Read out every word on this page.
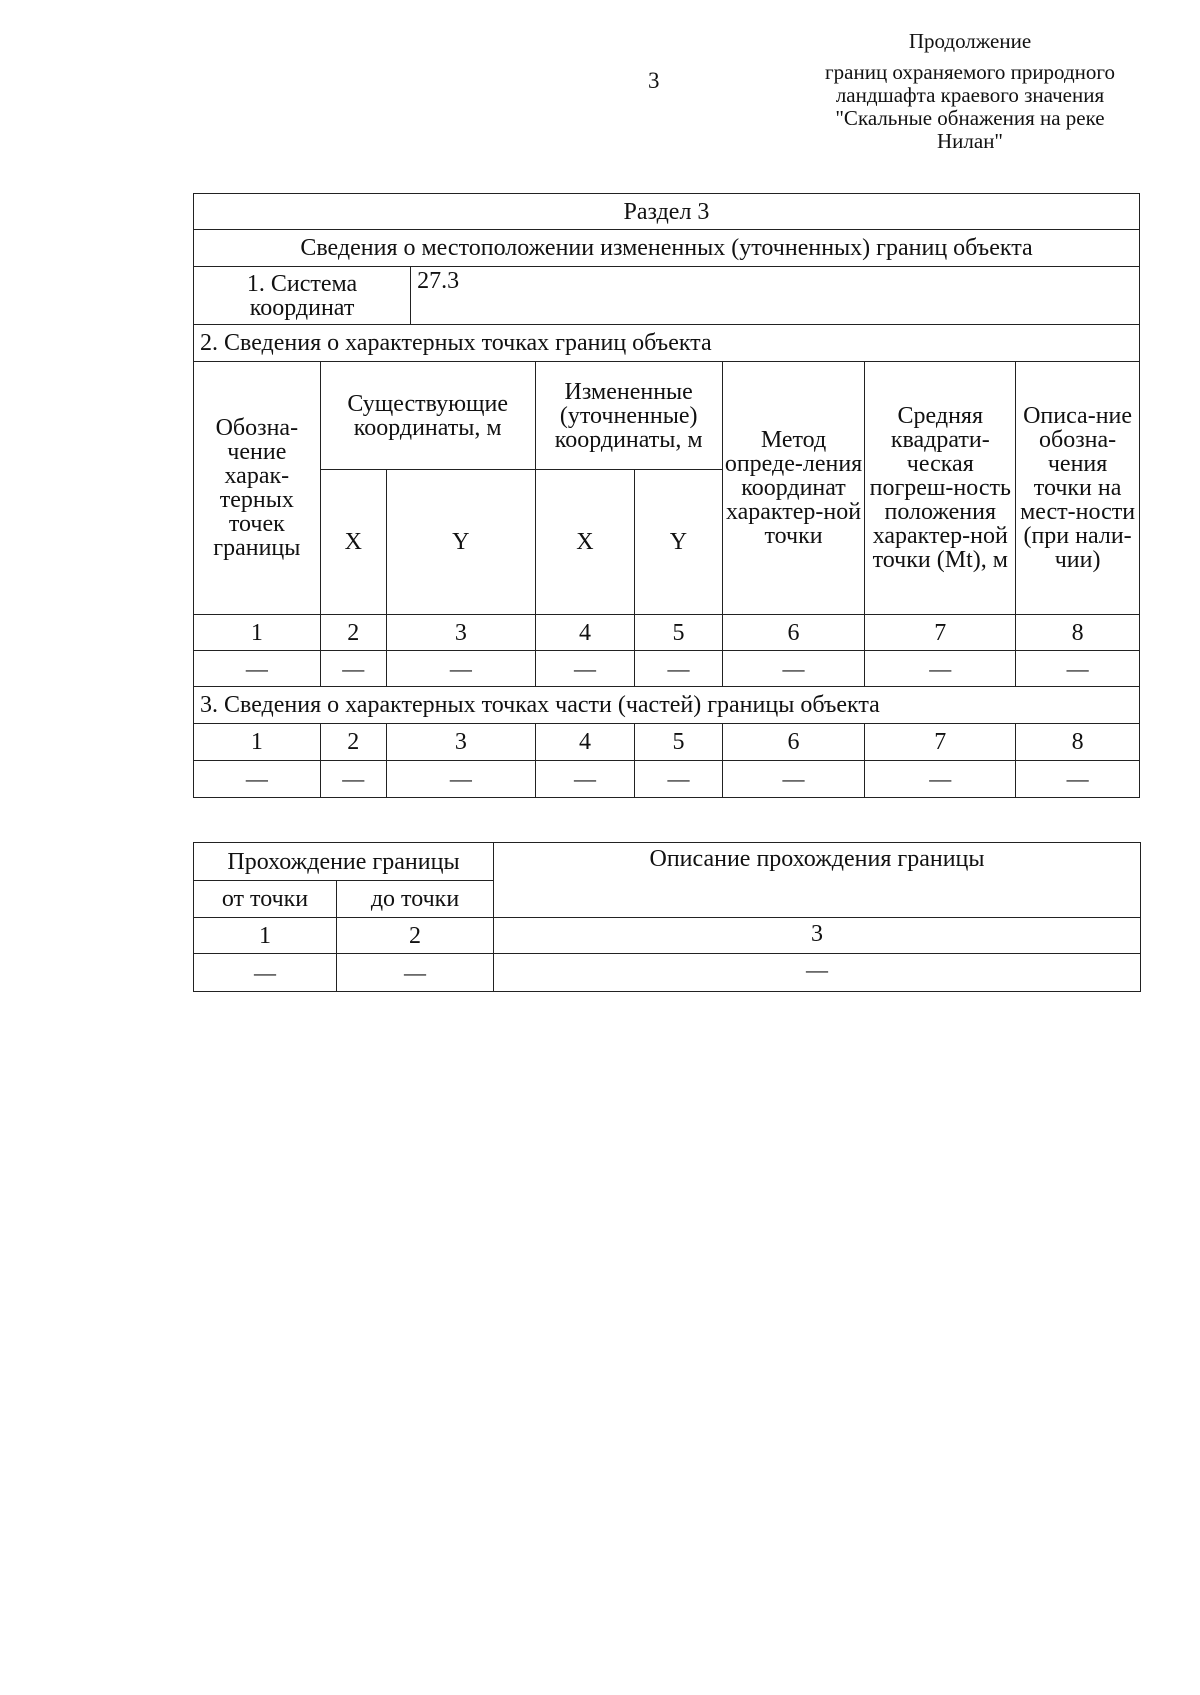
3
Продолжение
границ охраняемого природного
ландшафта краевого значения
"Скальные обнажения на реке
Нилан"
Раздел 3								
Сведения о местоположении измененных (уточненных) границ объекта								
1. Система координат			27.3					
2. Сведения о характерных точках границ объекта								
Обозна-чение харак-терных точек границы	Существующие координаты, м			Измененные (уточненные) координаты, м		Метод опреде-ления координат характер-ной точки	Средняя квадрати-ческая погреш-ность положения характер-ной точки (Mt), м	Описа-ние обозна-чения точки на мест-ности (при нали-чии)
	X	Y		X	Y			
1	2	3		4	5	6	7	8
—	—	—		—	—	—	—	—
3. Сведения о характерных точках части (частей) границы объекта								
1	2	3		4	5	6	7	8
—	—	—		—	—	—	—	—
Прохождение границы		Описание прохождения границы
от точки	до точки	
1	2	3
—	—	—
